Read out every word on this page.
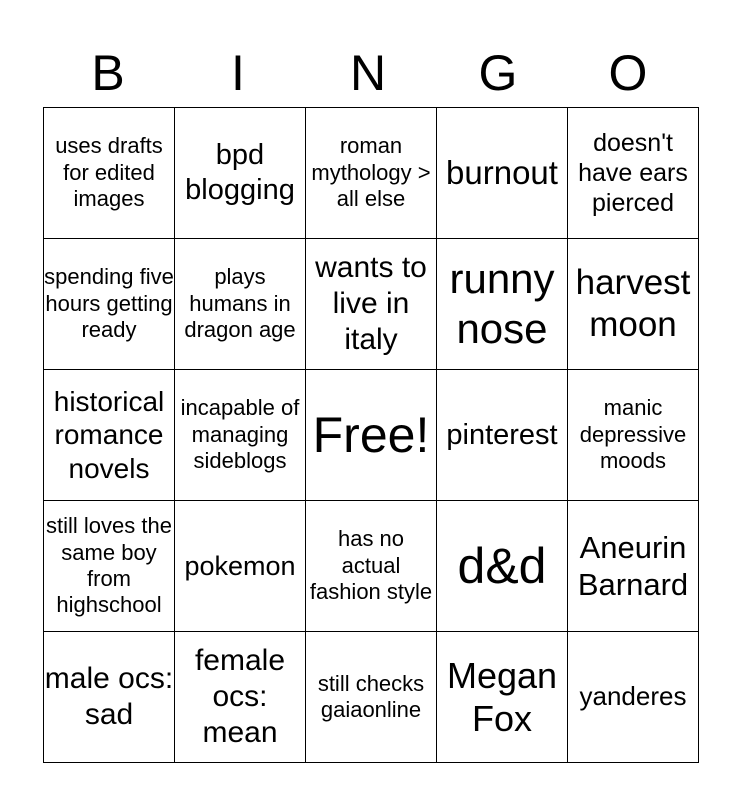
B	I	N	G	O
uses drafts for edited images	bpd blogging	roman mythology > all else	burnout	doesn't have ears pierced

spending five hours getting ready	plays humans in dragon age	wants to live in italy	runny nose	harvest moon

historical romance novels	incapable of managing sideblogs	Free!	pinterest	manic depressive moods

still loves the same boy from highschool	pokemon	has no actual fashion style	d&d	Aneurin Barnard

male ocs: sad	female ocs: mean	still checks gaiaonline	Megan Fox	yanderes
